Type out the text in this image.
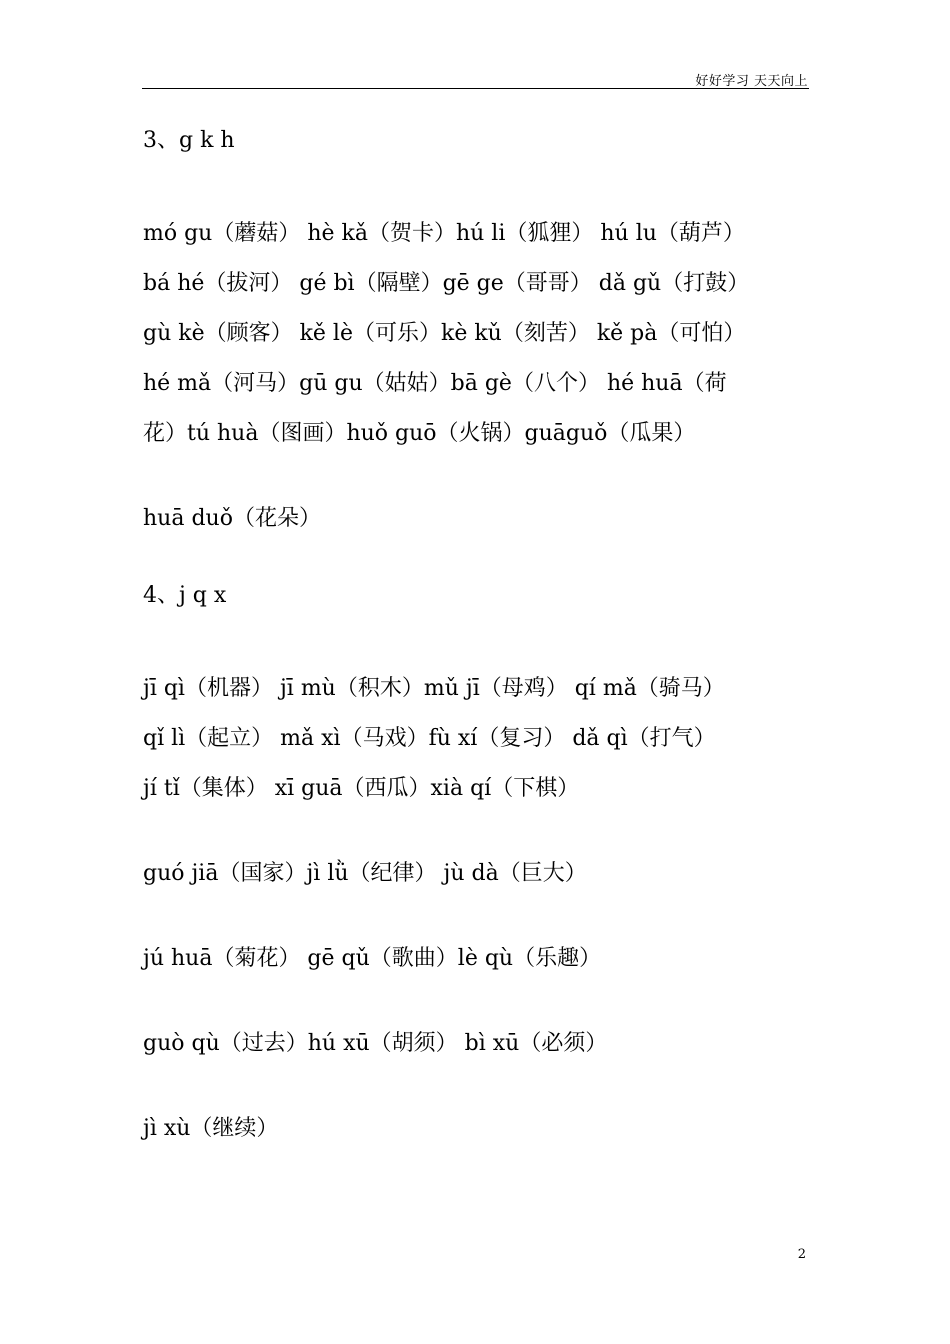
好好学习 天天向上
3、g k h
mó gu（蘑菇） hè kǎ（贺卡）hú li（狐狸） hú lu（葫芦）
bá hé（拔河） gé bì（隔壁）gē ge（哥哥） dǎ gǔ（打鼓）
gù kè（顾客） kě lè（可乐）kè kǔ（刻苦） kě pà（可怕）
hé mǎ（河马）gū gu（姑姑）bā gè（八个） hé huā（荷
花）tú huà（图画）huǒ guō（火锅）guāguǒ（瓜果）
huā duǒ（花朵）
4、j q x
jī qì（机器） jī mù（积木）mǔ jī（母鸡） qí mǎ（骑马）
qǐ lì（起立） mǎ xì（马戏）fù xí（复习） dǎ qì（打气）
jí tǐ（集体） xī guā（西瓜）xià qí（下棋）
guó jiā（国家）jì lǜ（纪律） jù dà（巨大）
jú huā（菊花） gē qǔ（歌曲）lè qù（乐趣）
guò qù（过去）hú xū（胡须） bì xū（必须）
jì xù（继续）
2
